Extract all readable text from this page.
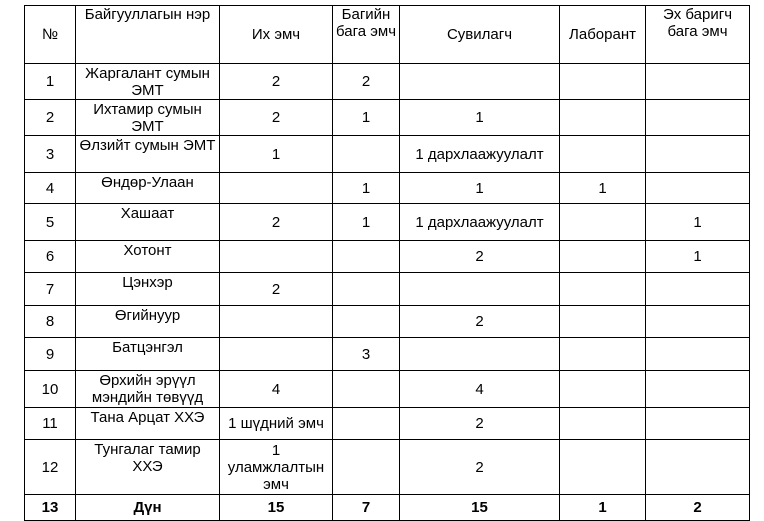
№	Байгууллагын нэр	Их эмч	Багийн бага эмч	Сувилагч	Лаборант	Эх баригч бага эмч
1	Жаргалант сумын ЭМТ	2	2			
2	Ихтамир сумын ЭМТ	2	1	1		
3	Өлзийт сумын ЭМТ	1		1 дархлаажуулалт		
4	Өндөр-Улаан		1	1	1	
5	Хашаат	2	1	1 дархлаажуулалт		1
6	Хотонт			2		1
7	Цэнхэр	2				
8	Өгийнуур			2		
9	Батцэнгэл		3			
10	Өрхийн эрүүл мэндийн төвүүд	4		4		
11	Тана Арцат ХХЭ	1 шүдний эмч		2		
12	Тунгалаг тамир ХХЭ	1 уламжлалтын эмч		2		
13	Дүн	15	7	15	1	2
